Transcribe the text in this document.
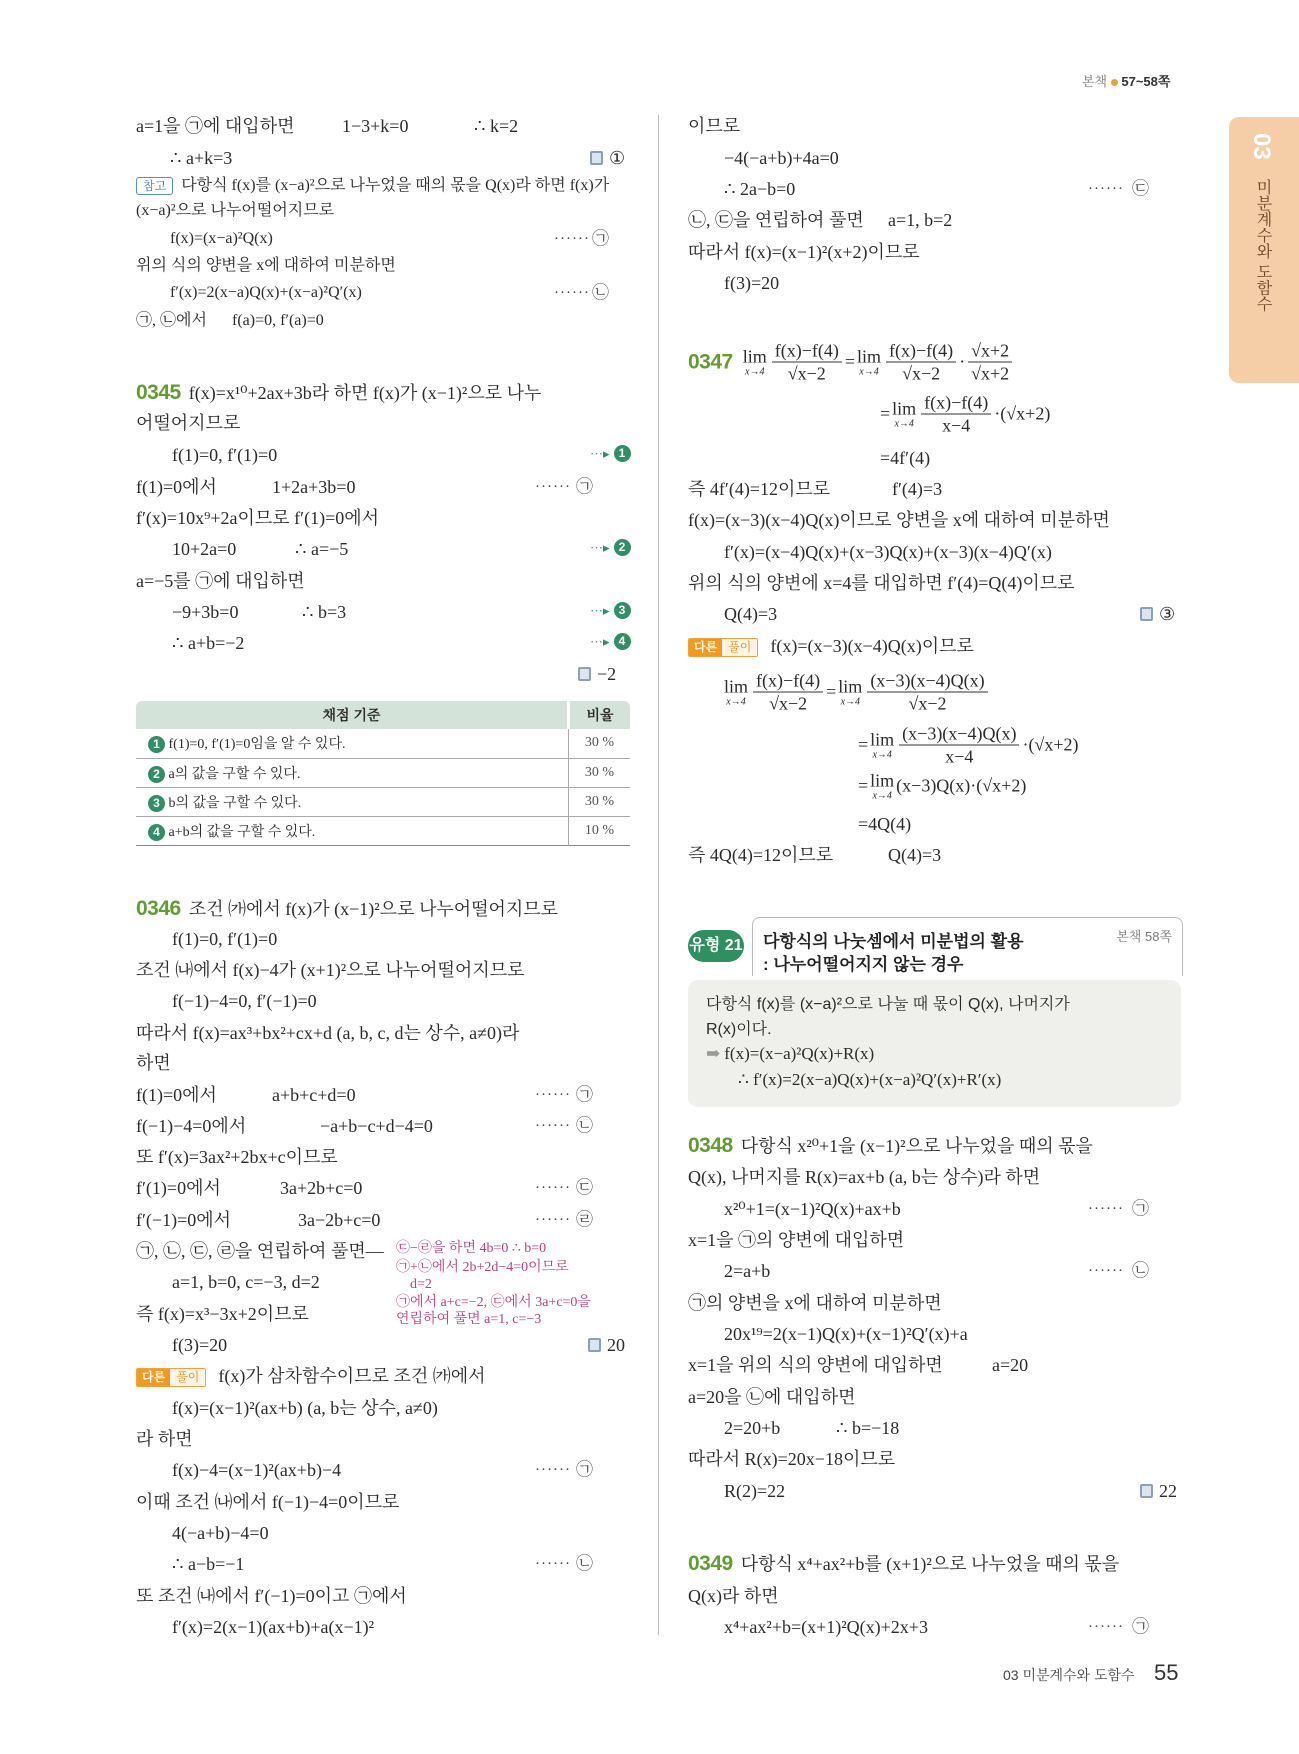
본책 57~58쪽
03
미분계수와 도함수
a=1을 ㉠에 대입하면	1−3+k=0	∴ k=2
∴ a+k=3	①
참고 다항식 f(x)를 (x−a)²으로 나누었을 때의 몫을 Q(x)라 하면 f(x)가
(x−a)²으로 나누어떨어지므로
f(x)=(x−a)²Q(x)	······ ㉠
위의 식의 양변을 x에 대하여 미분하면
f′(x)=2(x−a)Q(x)+(x−a)²Q′(x)	······ ㉡
㉠, ㉡에서 f(a)=0, f′(a)=0
0345 f(x)=x¹⁰+2ax+3b라 하면 f(x)가 (x−1)²으로 나누
어떨어지므로
f(1)=0, f′(1)=0	···▸ 1
f(1)=0에서	1+2a+3b=0	······ ㉠
f′(x)=10x⁹+2a이므로 f′(1)=0에서
10+2a=0	∴ a=−5	···▸ 2
a=−5를 ㉠에 대입하면
−9+3b=0	∴ b=3	···▸ 3
∴ a+b=−2	···▸ 4
−2
채점 기준	비율
1 f(1)=0, f′(1)=0임을 알 수 있다.	30 %
2 a의 값을 구할 수 있다.	30 %
3 b의 값을 구할 수 있다.	30 %
4 a+b의 값을 구할 수 있다.	10 %
0346 조건 ㈎에서 f(x)가 (x−1)²으로 나누어떨어지므로
f(1)=0, f′(1)=0
조건 ㈏에서 f(x)−4가 (x+1)²으로 나누어떨어지므로
f(−1)−4=0, f′(−1)=0
따라서 f(x)=ax³+bx²+cx+d (a, b, c, d는 상수, a≠0)라
하면
f(1)=0에서	a+b+c+d=0	······ ㉠
f(−1)−4=0에서	−a+b−c+d−4=0	······ ㉡
또 f′(x)=3ax²+2bx+c이므로
f′(1)=0에서	3a+2b+c=0	······ ㉢
f′(−1)=0에서	3a−2b+c=0	······ ㉣
㉠, ㉡, ㉢, ㉣을 연립하여 풀면—
a=1, b=0, c=−3, d=2
즉 f(x)=x³−3x+2이므로
㉢−㉣을 하면 4b=0 ∴ b=0
㉠+㉡에서 2b+2d−4=0이므로
d=2
㉠에서 a+c=−2, ㉢에서 3a+c=0을
연립하여 풀면 a=1, c=−3
f(3)=20	20
다른 풀이	f(x)가 삼차함수이므로 조건 ㈎에서
f(x)=(x−1)²(ax+b) (a, b는 상수, a≠0)
라 하면
f(x)−4=(x−1)²(ax+b)−4	······ ㉠
이때 조건 ㈏에서 f(−1)−4=0이므로
4(−a+b)−4=0
∴ a−b=−1	······ ㉡
또 조건 ㈏에서 f′(−1)=0이고 ㉠에서
f′(x)=2(x−1)(ax+b)+a(x−1)²
이므로
−4(−a+b)+4a=0
∴ 2a−b=0	······ ㉢
㉡, ㉢을 연립하여 풀면 a=1, b=2
따라서 f(x)=(x−1)²(x+2)이므로
f(3)=20
0347 lim
$x\to 4 \frac{f(x)-f(4)}{√x-2} = \lim$
$x\to 4 \frac{f(x)-f(4)}{√x-2} \cdot \frac{√x+2}{√x+2}$
= lim
$x\to 4 \frac{f(x)-f(4)}{x-4} \cdot(√x+2)$
=4f′(4)
즉 4f′(4)=12이므로	f′(4)=3
f(x)=(x−3)(x−4)Q(x)이므로 양변을 x에 대하여 미분하면
f′(x)=(x−4)Q(x)+(x−3)Q(x)+(x−3)(x−4)Q′(x)
위의 식의 양변에 x=4를 대입하면 f′(4)=Q(4)이므로
Q(4)=3	③
다른 풀이	f(x)=(x−3)(x−4)Q(x)이므로
lim
$x\to 4 \frac{f(x)-f(4)}{√x-2} = \lim$
$x\to 4 \frac{(x-3)(x-4)Q(x)}{√x-2}$
= lim
$x\to 4 \frac{(x-3)(x-4)Q(x)}{x-4} \cdot(√x+2)$
= lim
x→4
(x−3)Q(x)·(√x+2)
=4Q(4)
즉 4Q(4)=12이므로	Q(4)=3
유형 21 다항식의 나눗셈에서 미분법의 활용
: 나누어떨어지지 않는 경우
본책 58쪽
다항식 f(x)를 (x−a)²으로 나눌 때 몫이 Q(x), 나머지가
R(x)이다.
➡ f(x)=(x−a)²Q(x)+R(x)
∴ f′(x)=2(x−a)Q(x)+(x−a)²Q′(x)+R′(x)
0348 다항식 x²⁰+1을 (x−1)²으로 나누었을 때의 몫을
Q(x), 나머지를 R(x)=ax+b (a, b는 상수)라 하면
x²⁰+1=(x−1)²Q(x)+ax+b	······ ㉠
x=1을 ㉠의 양변에 대입하면
2=a+b	······ ㉡
㉠의 양변을 x에 대하여 미분하면
20x¹⁹=2(x−1)Q(x)+(x−1)²Q′(x)+a
x=1을 위의 식의 양변에 대입하면	a=20
a=20을 ㉡에 대입하면
2=20+b	∴ b=−18
따라서 R(x)=20x−18이므로
R(2)=22	22
0349 다항식 x⁴+ax²+b를 (x+1)²으로 나누었을 때의 몫을
Q(x)라 하면
x⁴+ax²+b=(x+1)²Q(x)+2x+3	······ ㉠
03 미분계수와 도함수 55
